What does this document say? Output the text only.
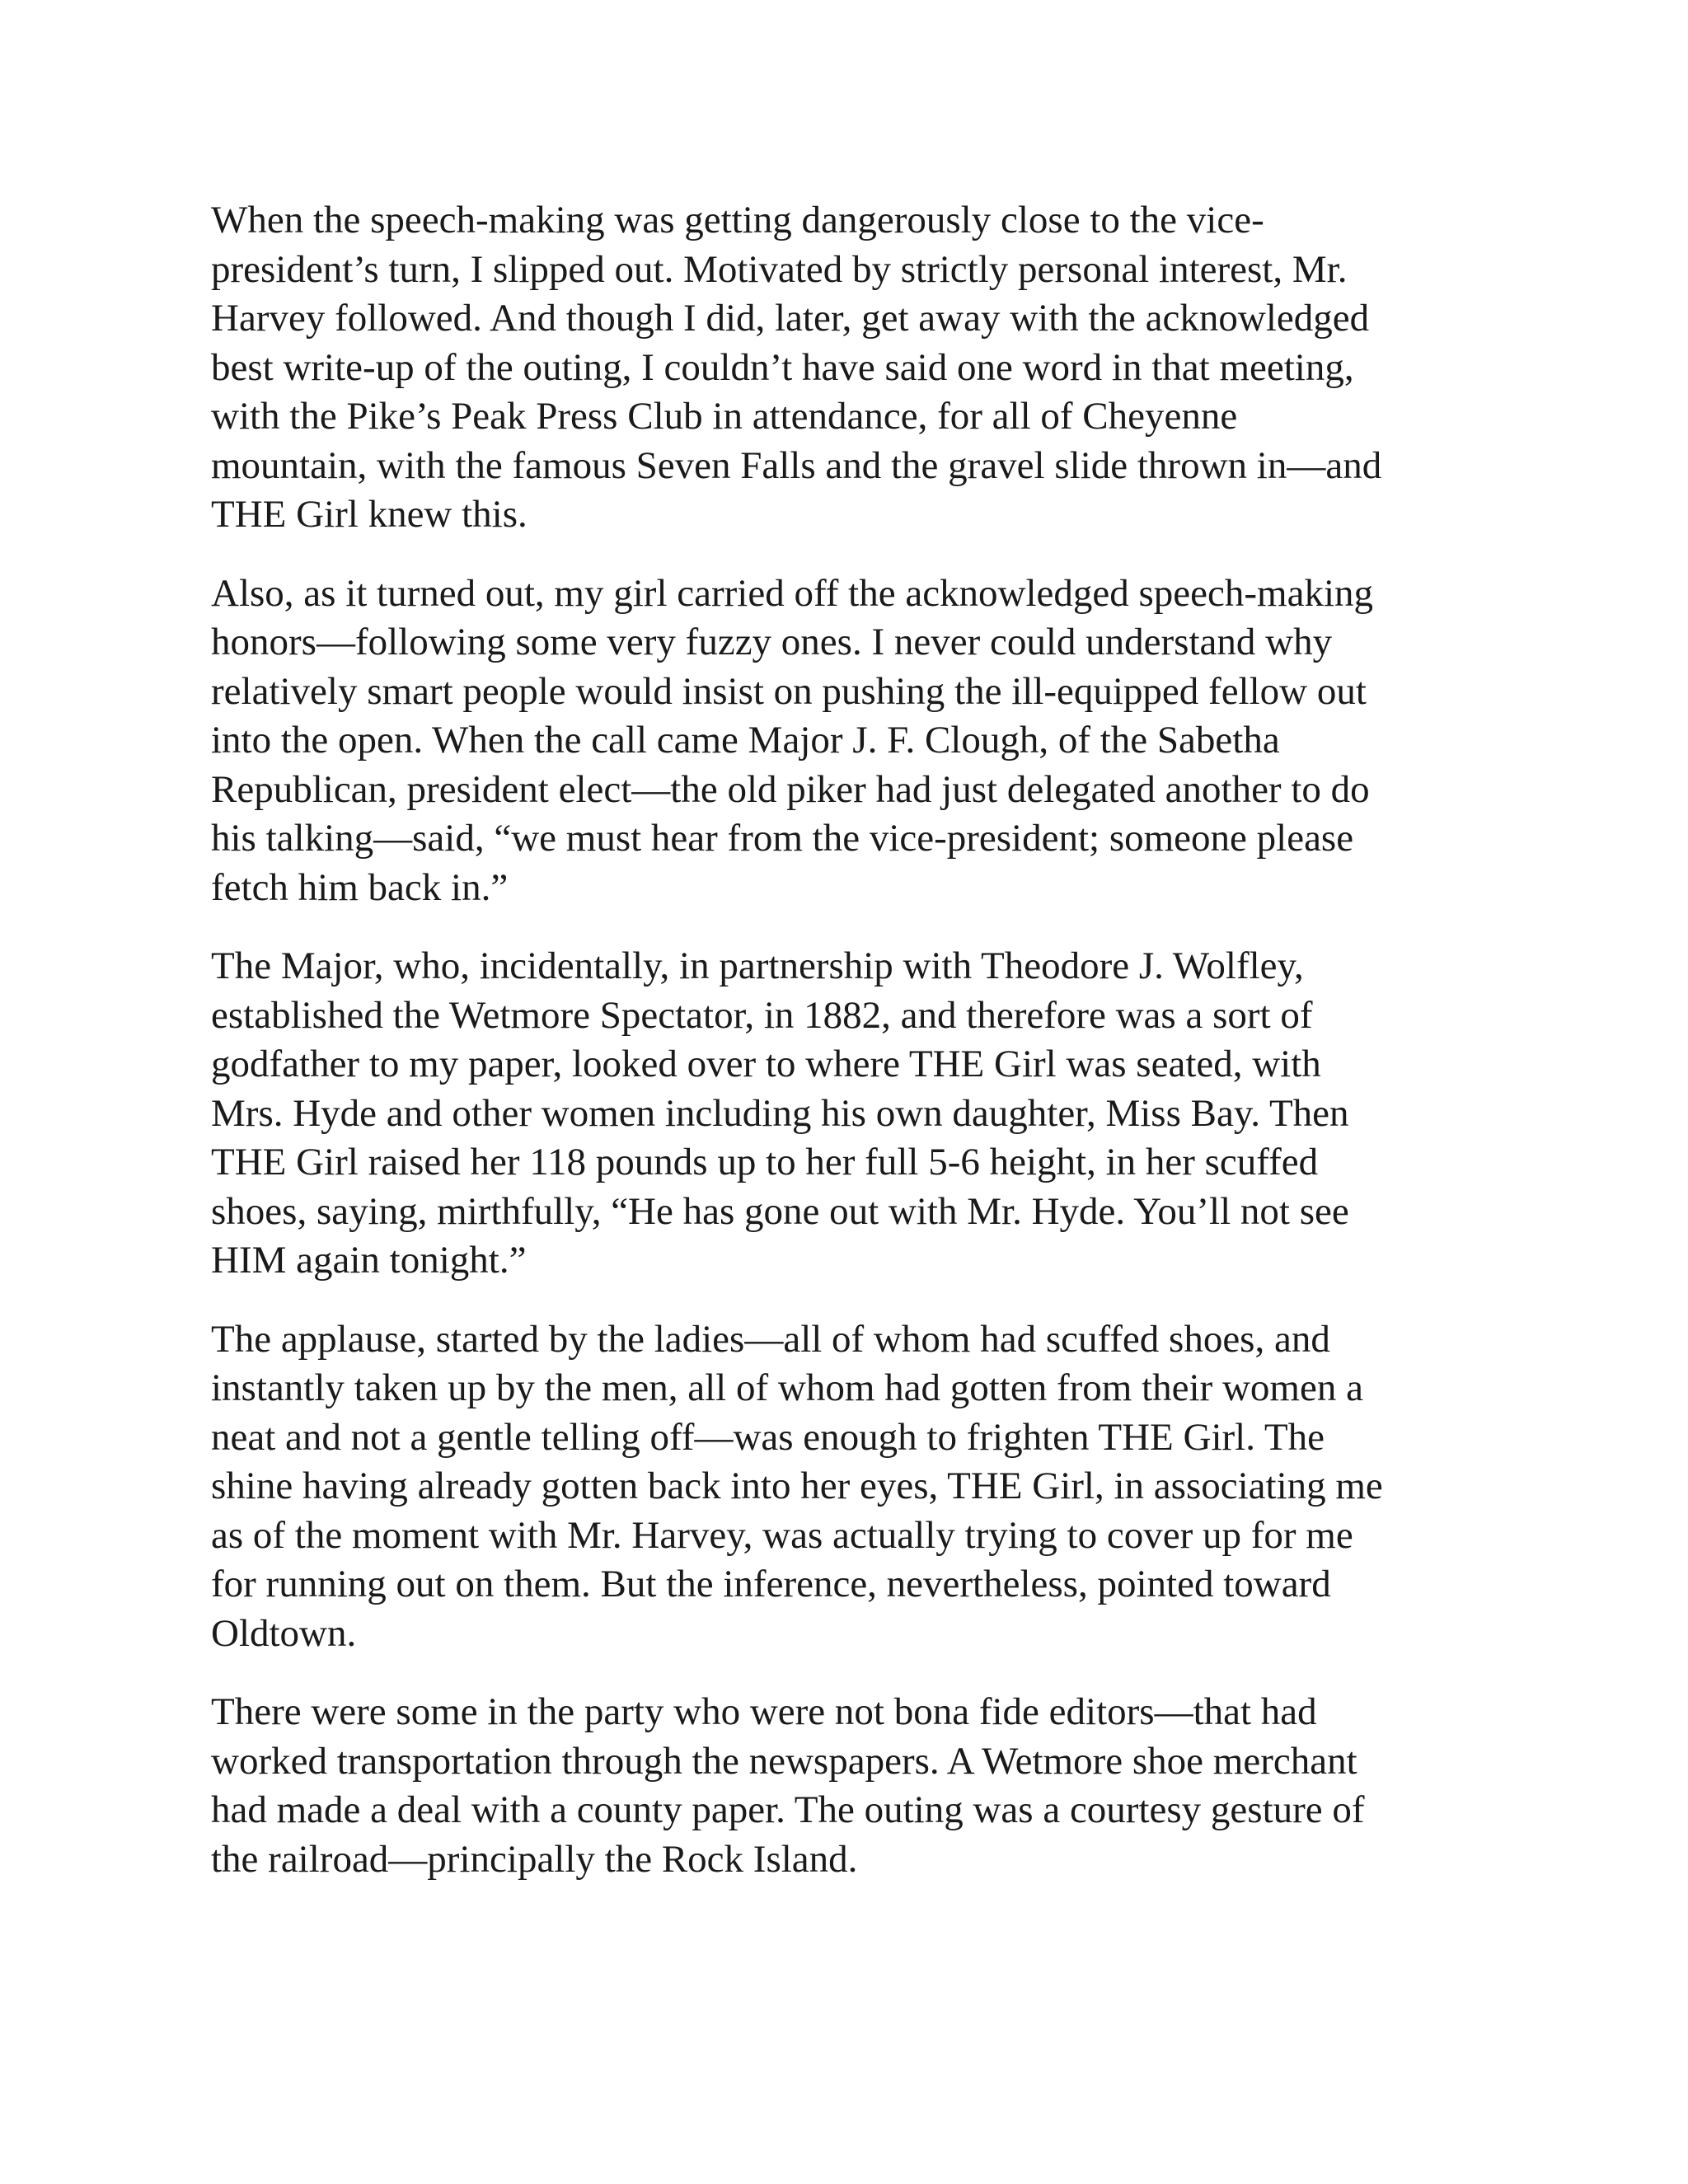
When the speech-making was getting dangerously close to the vice-
president’s turn, I slipped out. Motivated by strictly personal interest, Mr.
Harvey followed. And though I did, later, get away with the acknowledged
best write-up of the outing, I couldn’t have said one word in that meeting,
with the Pike’s Peak Press Club in attendance, for all of Cheyenne
mountain, with the famous Seven Falls and the gravel slide thrown in—and
THE Girl knew this.

Also, as it turned out, my girl carried off the acknowledged speech-making
honors—following some very fuzzy ones. I never could understand why
relatively smart people would insist on pushing the ill-equipped fellow out
into the open. When the call came Major J. F. Clough, of the Sabetha
Republican, president elect—the old piker had just delegated another to do
his talking—said, “we must hear from the vice-president; someone please
fetch him back in.”

The Major, who, incidentally, in partnership with Theodore J. Wolfley,
established the Wetmore Spectator, in 1882, and therefore was a sort of
godfather to my paper, looked over to where THE Girl was seated, with
Mrs. Hyde and other women including his own daughter, Miss Bay. Then
THE Girl raised her 118 pounds up to her full 5-6 height, in her scuffed
shoes, saying, mirthfully, “He has gone out with Mr. Hyde. You’ll not see
HIM again tonight.”

The applause, started by the ladies—all of whom had scuffed shoes, and
instantly taken up by the men, all of whom had gotten from their women a
neat and not a gentle telling off—was enough to frighten THE Girl. The
shine having already gotten back into her eyes, THE Girl, in associating me
as of the moment with Mr. Harvey, was actually trying to cover up for me
for running out on them. But the inference, nevertheless, pointed toward
Oldtown.

There were some in the party who were not bona fide editors—that had
worked transportation through the newspapers. A Wetmore shoe merchant
had made a deal with a county paper. The outing was a courtesy gesture of
the railroad—principally the Rock Island.
